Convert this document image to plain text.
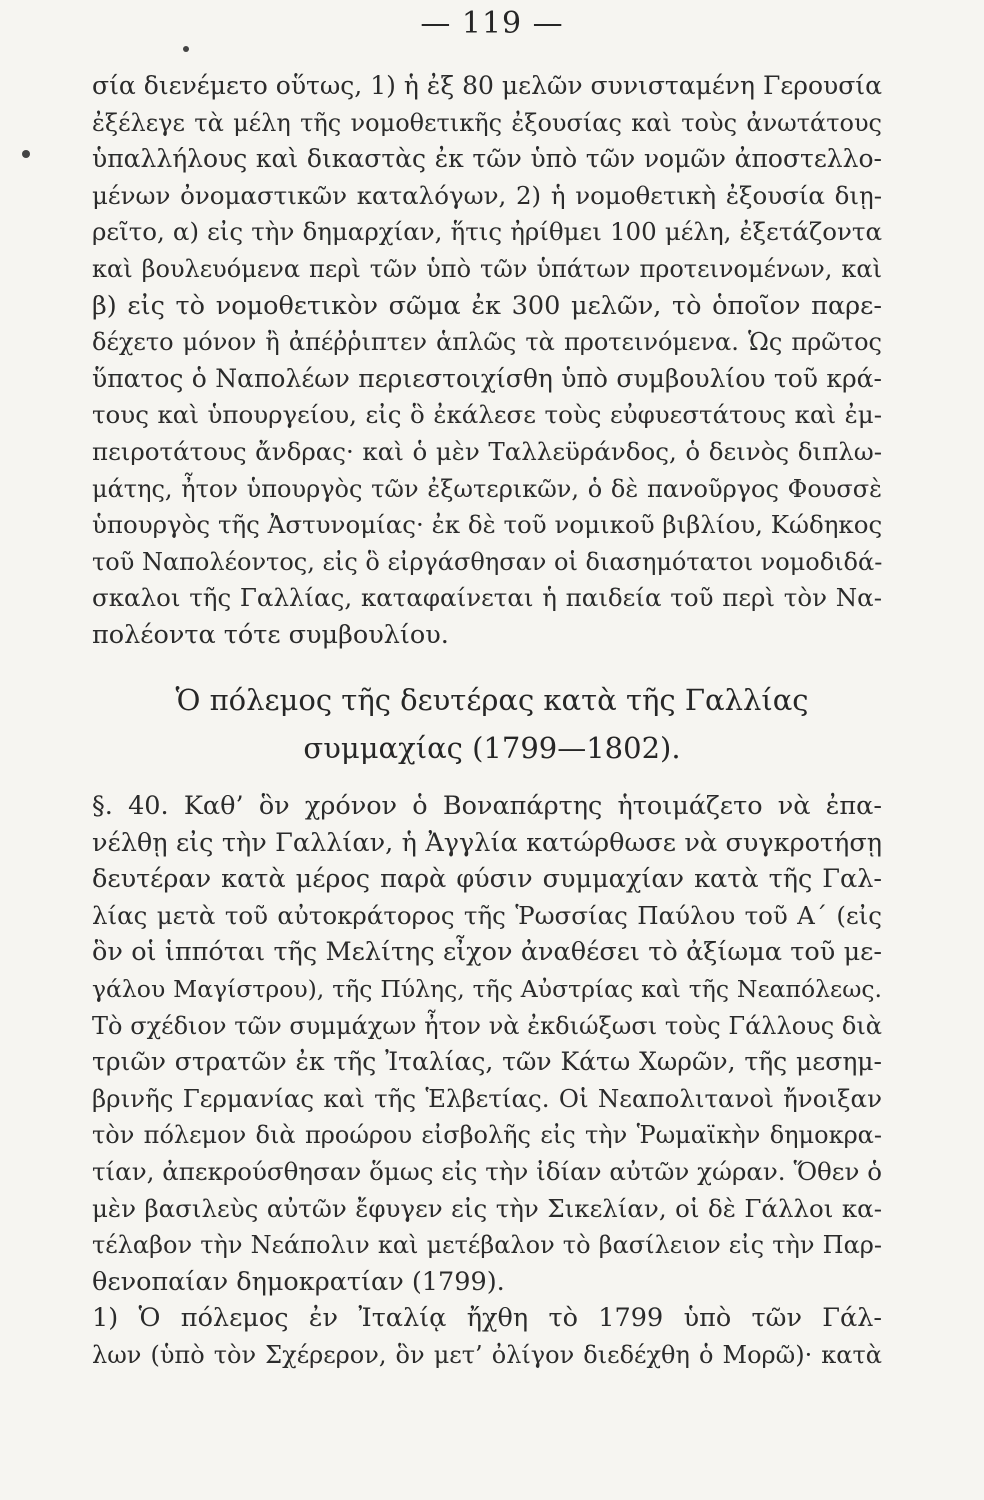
— 119 —
σία διενέμετο οὕτως, 1) ἡ ἐξ 80 μελῶν συνισταμένη Γερουσία
ἐξέλεγε τὰ μέλη τῆς νομοθετικῆς ἐξουσίας καὶ τοὺς ἀνωτάτους
ὑπαλλήλους καὶ δικαστὰς ἐκ τῶν ὑπὸ τῶν νομῶν ἀποστελλο-
μένων ὀνομαστικῶν καταλόγων, 2) ἡ νομοθετικὴ ἐξουσία διῃ-
ρεῖτο, α) εἰς τὴν δημαρχίαν, ἥτις ἠρίθμει 100 μέλη, ἐξετάζοντα
καὶ βουλευόμενα περὶ τῶν ὑπὸ τῶν ὑπάτων προτεινομένων, καὶ
β) εἰς τὸ νομοθετικὸν σῶμα ἐκ 300 μελῶν, τὸ ὁποῖον παρε-
δέχετο μόνον ἢ ἀπέῤῥιπτεν ἁπλῶς τὰ προτεινόμενα. Ὡς πρῶτος
ὕπατος ὁ Ναπολέων περιεστοιχίσθη ὑπὸ συμβουλίου τοῦ κρά-
τους καὶ ὑπουργείου, εἰς ὃ ἐκάλεσε τοὺς εὐφυεστάτους καὶ ἐμ-
πειροτάτους ἄνδρας· καὶ ὁ μὲν Ταλλεϋράνδος, ὁ δεινὸς διπλω-
μάτης, ἦτον ὑπουργὸς τῶν ἐξωτερικῶν, ὁ δὲ πανοῦργος Φουσσὲ
ὑπουργὸς τῆς Ἀστυνομίας· ἐκ δὲ τοῦ νομικοῦ βιβλίου, Κώδηκος
τοῦ Ναπολέοντος, εἰς ὃ εἰργάσθησαν οἱ διασημότατοι νομοδιδά-
σκαλοι τῆς Γαλλίας, καταφαίνεται ἡ παιδεία τοῦ περὶ τὸν Να-
πολέοντα τότε συμβουλίου.
Ὁ πόλεμος τῆς δευτέρας κατὰ τῆς Γαλλίας
συμμαχίας (1799—1802).
§. 40. Καθ’ ὃν χρόνον ὁ Βοναπάρτης ἡτοιμάζετο νὰ ἐπα-
νέλθῃ εἰς τὴν Γαλλίαν, ἡ Ἀγγλία κατώρθωσε νὰ συγκροτήσῃ
δευτέραν κατὰ μέρος παρὰ φύσιν συμμαχίαν κατὰ τῆς Γαλ-
λίας μετὰ τοῦ αὐτοκράτορος τῆς Ῥωσσίας Παύλου τοῦ Α΄ (εἰς
ὃν οἱ ἱππόται τῆς Μελίτης εἶχον ἀναθέσει τὸ ἀξίωμα τοῦ με-
γάλου Μαγίστρου), τῆς Πύλης, τῆς Αὐστρίας καὶ τῆς Νεαπόλεως.
Τὸ σχέδιον τῶν συμμάχων ἦτον νὰ ἐκδιώξωσι τοὺς Γάλλους διὰ
τριῶν στρατῶν ἐκ τῆς Ἰταλίας, τῶν Κάτω Χωρῶν, τῆς μεσημ-
βρινῆς Γερμανίας καὶ τῆς Ἑλβετίας. Οἱ Νεαπολιτανοὶ ἤνοιξαν
τὸν πόλεμον διὰ προώρου εἰσβολῆς εἰς τὴν Ῥωμαϊκὴν δημοκρα-
τίαν, ἀπεκρούσθησαν ὅμως εἰς τὴν ἰδίαν αὐτῶν χώραν. Ὅθεν ὁ
μὲν βασιλεὺς αὐτῶν ἔφυγεν εἰς τὴν Σικελίαν, οἱ δὲ Γάλλοι κα-
τέλαβον τὴν Νεάπολιν καὶ μετέβαλον τὸ βασίλειον εἰς τὴν Παρ-
θενοπαίαν δημοκρατίαν (1799).
1) Ὁ πόλεμος ἐν Ἰταλίᾳ ἤχθη τὸ 1799 ὑπὸ τῶν Γάλ-
λων (ὑπὸ τὸν Σχέρερον, ὃν μετ’ ὀλίγον διεδέχθη ὁ Μορῶ)· κατὰ
